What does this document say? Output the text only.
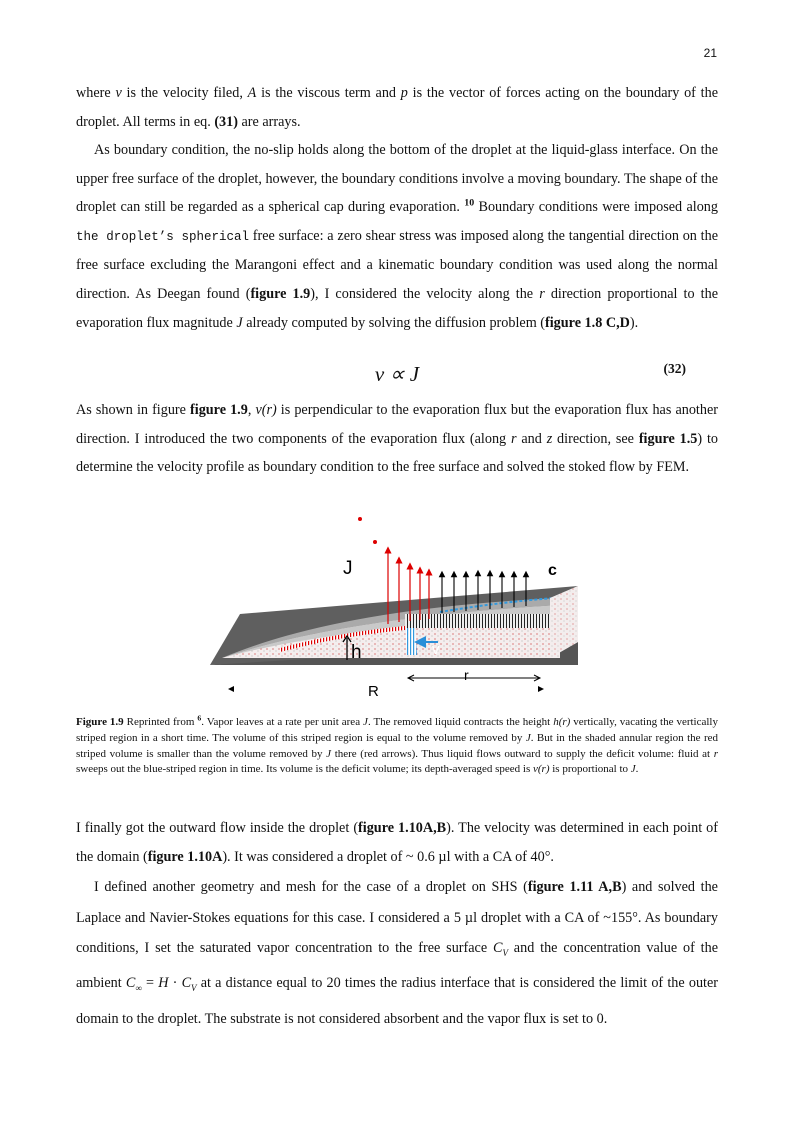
21

where v is the velocity filed, A is the viscous term and p is the vector of forces acting on the boundary of the droplet. All terms in eq. (31) are arrays.

As boundary condition, the no-slip holds along the bottom of the droplet at the liquid-glass interface. On the upper free surface of the droplet, however, the boundary conditions involve a moving boundary. The shape of the droplet can still be regarded as a spherical cap during evaporation. $^{10}$ Boundary conditions were imposed along the droplet’s spherical free surface: a zero shear stress was imposed along the tangential direction on the free surface excluding the Marangoni effect and a kinematic boundary condition was used along the normal direction. As Deegan found (figure 1.9), I considered the velocity along the r direction proportional to the evaporation flux magnitude J already computed by solving the diffusion problem (figure 1.8 C,D).

v ∝ J	(32)

As shown in figure figure 1.9, v(r) is perpendicular to the evaporation flux but the evaporation flux has another direction. I introduced the two components of the evaporation flux (along r and z direction, see figure 1.5) to determine the velocity profile as boundary condition to the free surface and solved the stoked flow by FEM.

J	c
h	v
r
R

Figure 1.9 Reprinted from $^6$. Vapor leaves at a rate per unit area J. The removed liquid contracts the height h(r) vertically, vacating the vertically striped region in a short time. The volume of this striped region is equal to the volume removed by J. But in the shaded annular region the red striped volume is smaller than the volume removed by J there (red arrows). Thus liquid flows outward to supply the deficit volume: fluid at r sweeps out the blue-striped region in time. Its volume is the deficit volume; its depth-averaged speed is v(r) is proportional to J.

I finally got the outward flow inside the droplet (figure 1.10A,B). The velocity was determined in each point of the domain (figure 1.10A). It was considered a droplet of ~ 0.6 µl with a CA of 40°.

I defined another geometry and mesh for the case of a droplet on SHS (figure 1.11 A,B) and solved the Laplace and Navier-Stokes equations for this case. I considered a 5 µl droplet with a CA of ~155°. As boundary conditions, I set the saturated vapor concentration to the free surface $C_V$ and the concentration value of the ambient $C_\infty = H \cdot C_V$ at a distance equal to 20 times the radius interface that is considered the limit of the outer domain to the droplet. The substrate is not considered absorbent and the vapor flux is set to 0.
